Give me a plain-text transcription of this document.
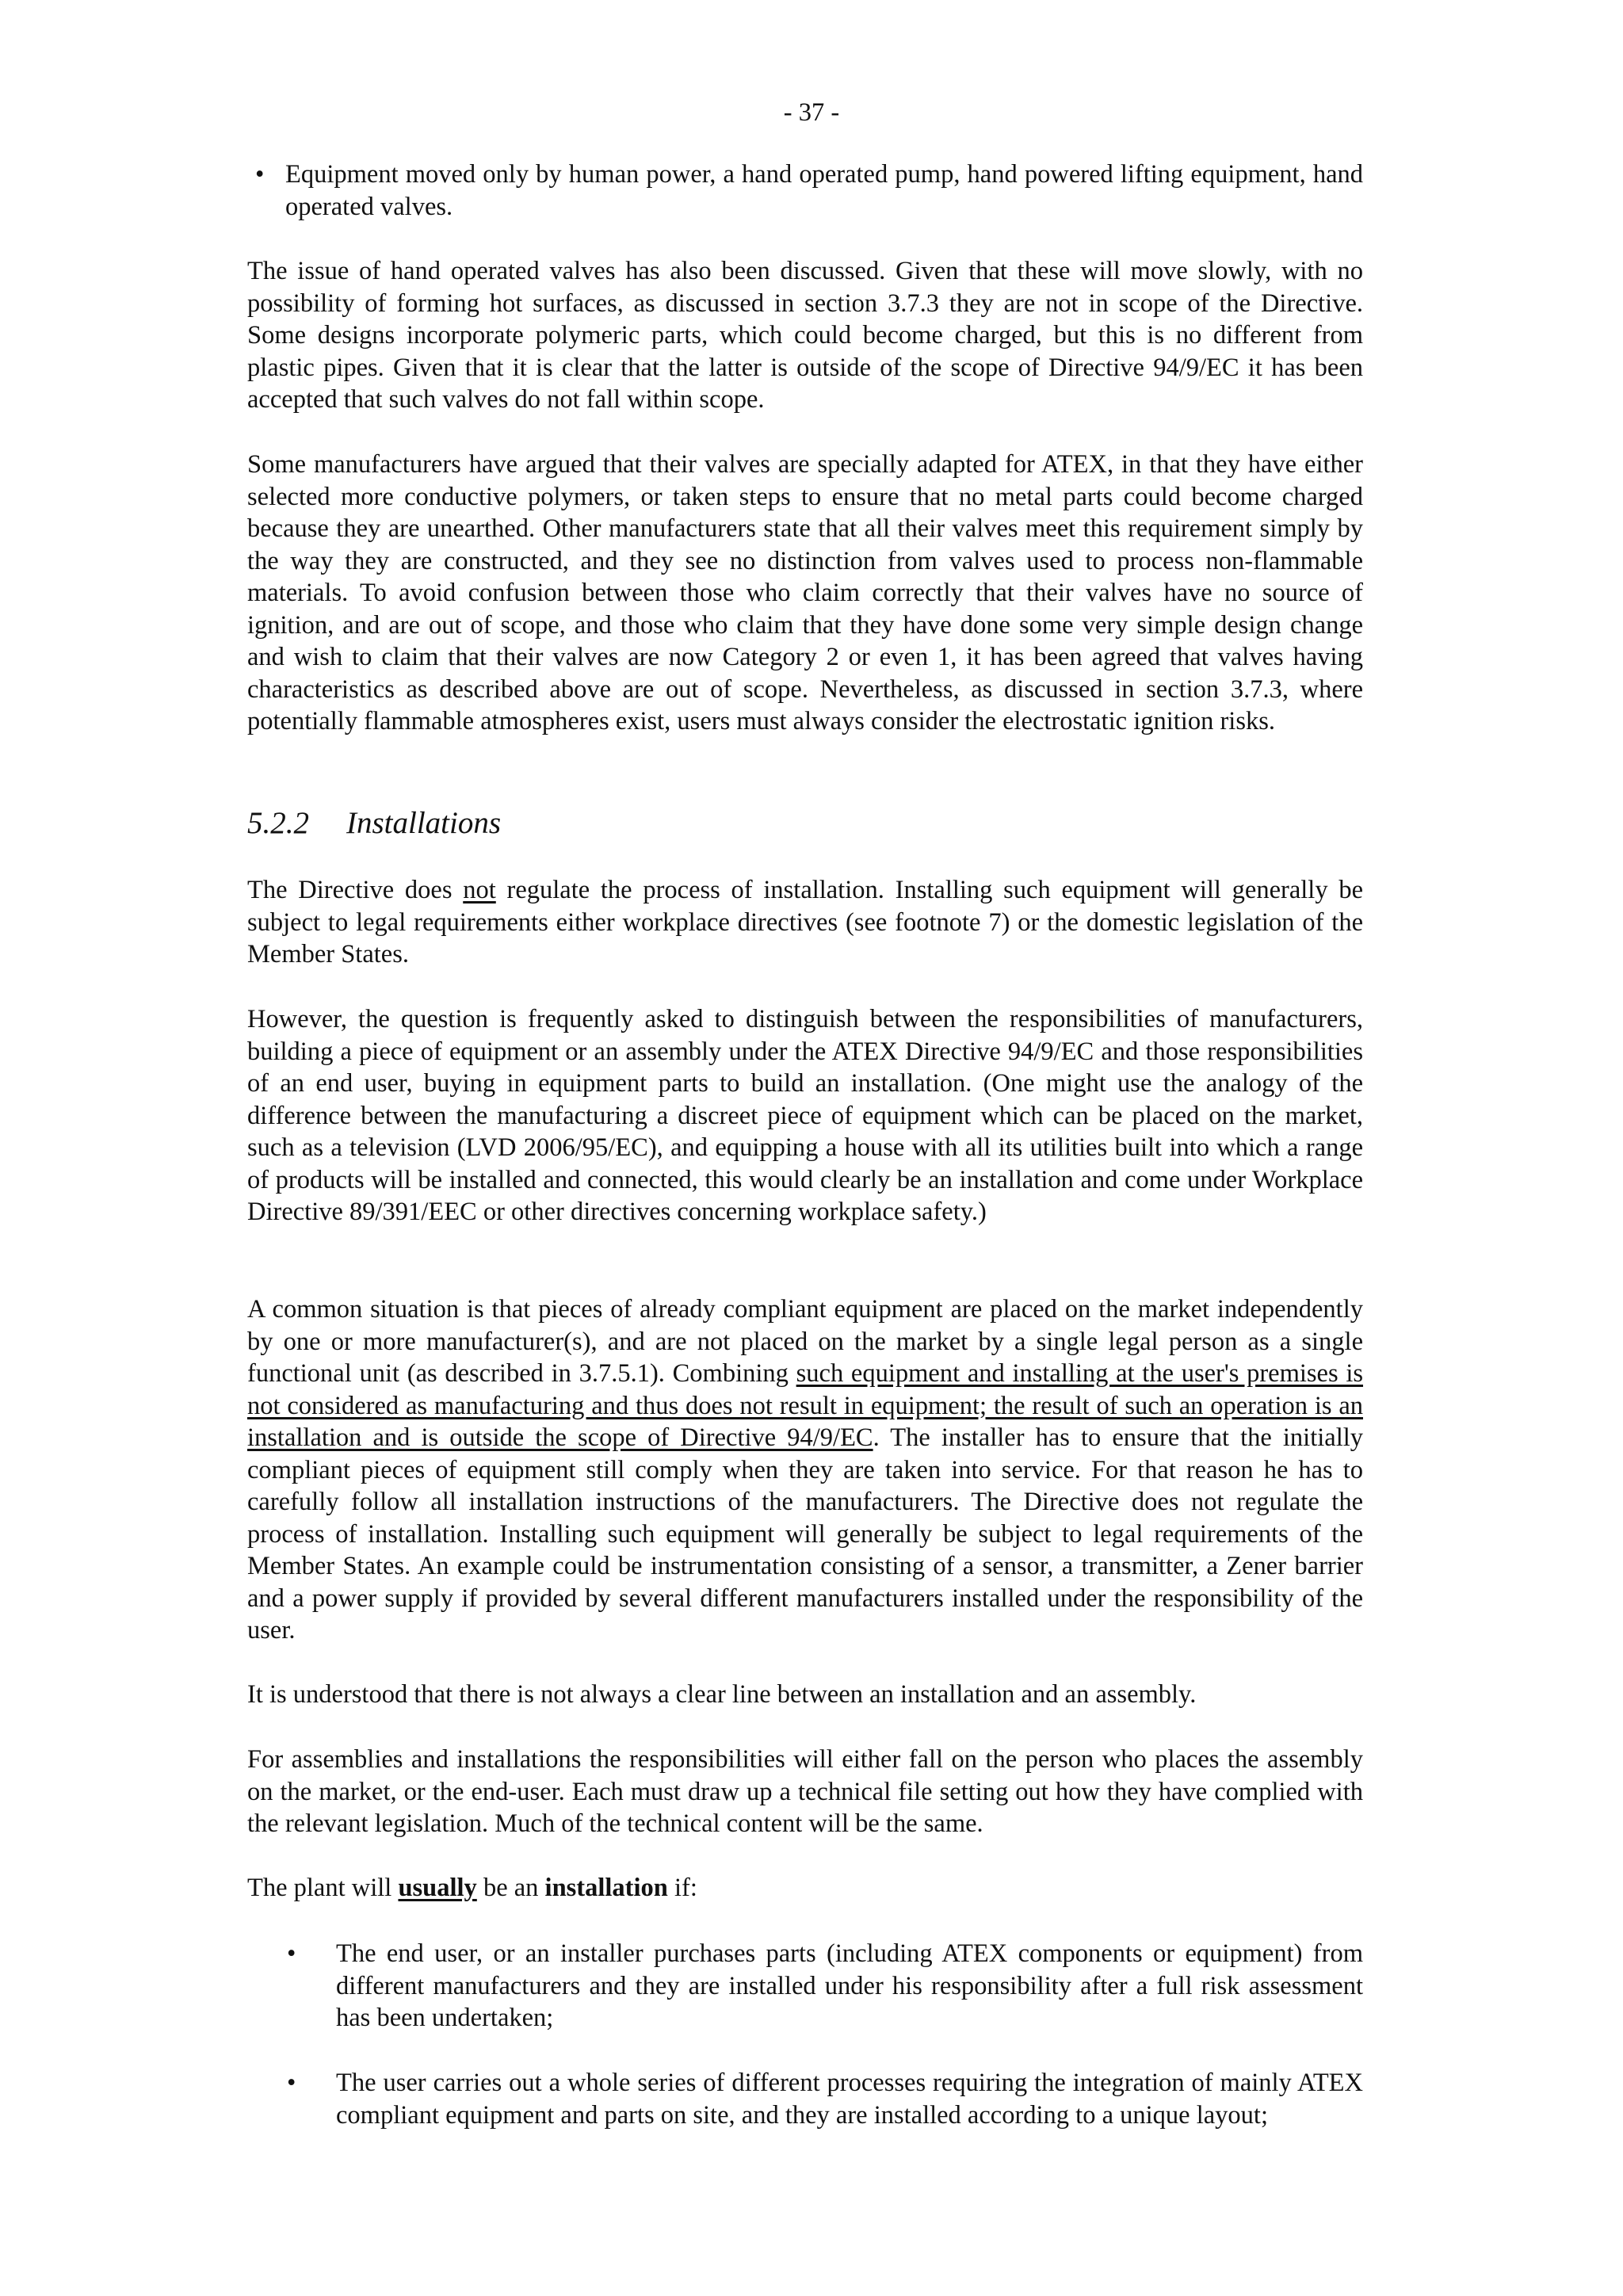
- 37 -
• Equipment moved only by human power, a hand operated pump, hand powered lifting equipment, hand operated valves.

The issue of hand operated valves has also been discussed. Given that these will move slowly, with no possibility of forming hot surfaces, as discussed in section 3.7.3 they are not in scope of the Directive. Some designs incorporate polymeric parts, which could become charged, but this is no different from plastic pipes. Given that it is clear that the latter is outside of the scope of Directive 94/9/EC it has been accepted that such valves do not fall within scope.

Some manufacturers have argued that their valves are specially adapted for ATEX, in that they have either selected more conductive polymers, or taken steps to ensure that no metal parts could become charged because they are unearthed. Other manufacturers state that all their valves meet this requirement simply by the way they are constructed, and they see no distinction from valves used to process non-flammable materials. To avoid confusion between those who claim correctly that their valves have no source of ignition, and are out of scope, and those who claim that they have done some very simple design change and wish to claim that their valves are now Category 2 or even 1, it has been agreed that valves having characteristics as described above are out of scope. Nevertheless, as discussed in section 3.7.3, where potentially flammable atmospheres exist, users must always consider the electrostatic ignition risks.

5.2.2 Installations

The Directive does not regulate the process of installation. Installing such equipment will generally be subject to legal requirements either workplace directives (see footnote 7) or the domestic legislation of the Member States.

However, the question is frequently asked to distinguish between the responsibilities of manufacturers, building a piece of equipment or an assembly under the ATEX Directive 94/9/EC and those responsibilities of an end user, buying in equipment parts to build an installation. (One might use the analogy of the difference between the manufacturing a discreet piece of equipment which can be placed on the market, such as a television (LVD 2006/95/EC), and equipping a house with all its utilities built into which a range of products will be installed and connected, this would clearly be an installation and come under Workplace Directive 89/391/EEC or other directives concerning workplace safety.)

A common situation is that pieces of already compliant equipment are placed on the market independently by one or more manufacturer(s), and are not placed on the market by a single legal person as a single functional unit (as described in 3.7.5.1). Combining such equipment and installing at the user's premises is not considered as manufacturing and thus does not result in equipment; the result of such an operation is an installation and is outside the scope of Directive 94/9/EC. The installer has to ensure that the initially compliant pieces of equipment still comply when they are taken into service. For that reason he has to carefully follow all installation instructions of the manufacturers. The Directive does not regulate the process of installation. Installing such equipment will generally be subject to legal requirements of the Member States. An example could be instrumentation consisting of a sensor, a transmitter, a Zener barrier and a power supply if provided by several different manufacturers installed under the responsibility of the user.

It is understood that there is not always a clear line between an installation and an assembly.

For assemblies and installations the responsibilities will either fall on the person who places the assembly on the market, or the end-user. Each must draw up a technical file setting out how they have complied with the relevant legislation. Much of the technical content will be the same.

The plant will usually be an installation if:

•	The end user, or an installer purchases parts (including ATEX components or equipment) from different manufacturers and they are installed under his responsibility after a full risk assessment has been undertaken;
•	The user carries out a whole series of different processes requiring the integration of mainly ATEX compliant equipment and parts on site, and they are installed according to a unique layout;
